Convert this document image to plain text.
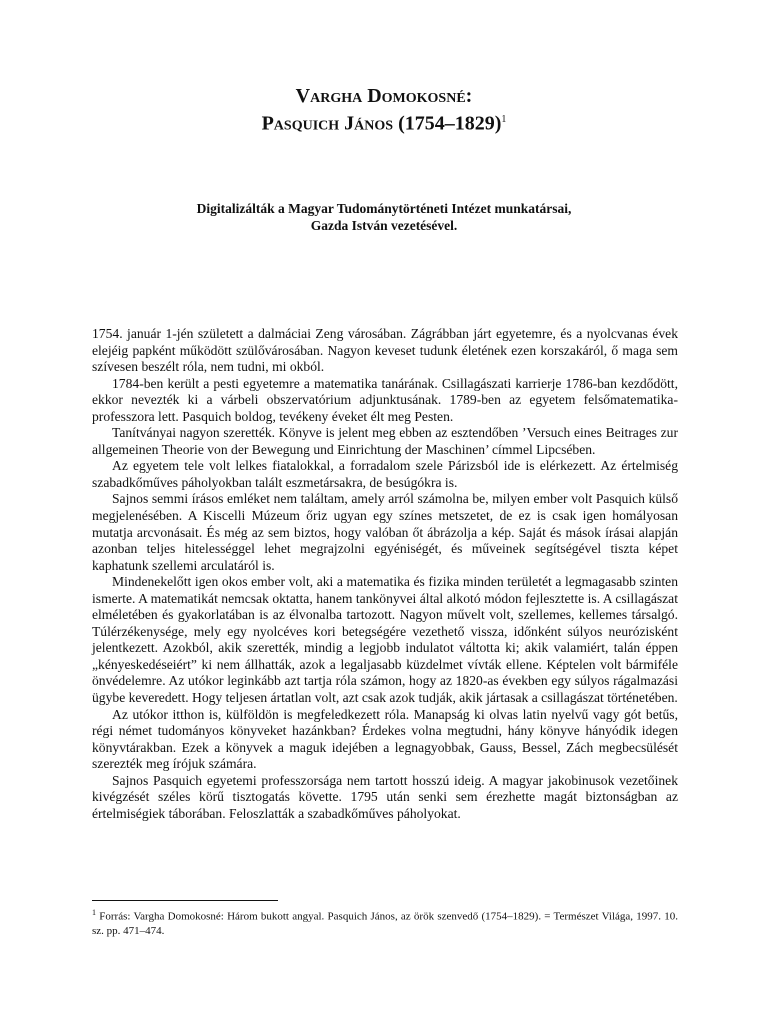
Vargha Domokosné:
Pasquich János (1754–1829)$^1$
Digitalizálták a Magyar Tudománytörténeti Intézet munkatársai,
Gazda István vezetésével.

1754. január 1-jén született a dalmáciai Zeng városában. Zágrábban járt egyetemre, és a nyolcvanas évek elejéig papként működött szülővárosában. Nagyon keveset tudunk életének ezen korszakáról, ő maga sem szívesen beszélt róla, nem tudni, mi okból.

1784-ben került a pesti egyetemre a matematika tanárának. Csillagászati karrierje 1786-ban kezdődött, ekkor nevezték ki a várbeli obszervatórium adjunktusának. 1789-ben az egyetem felsőmatematika-professzora lett. Pasquich boldog, tevékeny éveket élt meg Pesten.

Tanítványai nagyon szerették. Könyve is jelent meg ebben az esztendőben ’Versuch eines Beitrages zur allgemeinen Theorie von der Bewegung und Einrichtung der Maschinen’ címmel Lipcsében.

Az egyetem tele volt lelkes fiatalokkal, a forradalom szele Párizsból ide is elérkezett. Az értelmiség szabadkőműves páholyokban talált eszmetársakra, de besúgókra is.

Sajnos semmi írásos emléket nem találtam, amely arról számolna be, milyen ember volt Pasquich külső megjelenésében. A Kiscelli Múzeum őriz ugyan egy színes metszetet, de ez is csak igen homályosan mutatja arcvonásait. És még az sem biztos, hogy valóban őt ábrázolja a kép. Saját és mások írásai alapján azonban teljes hitelességgel lehet megrajzolni egyéniségét, és műveinek segítségével tiszta képet kaphatunk szellemi arculatáról is.

Mindenekelőtt igen okos ember volt, aki a matematika és fizika minden területét a legmagasabb szinten ismerte. A matematikát nemcsak oktatta, hanem tankönyvei által alkotó módon fejlesztette is. A csillagászat elméletében és gyakorlatában is az élvonalba tartozott. Nagyon művelt volt, szellemes, kellemes társalgó. Túlérzékenysége, mely egy nyolcéves kori betegségére vezethető vissza, időnként súlyos neurózisként jelentkezett. Azokból, akik szerették, mindig a legjobb indulatot váltotta ki; akik valamiért, talán éppen „kényeskedéseiért” ki nem állhatták, azok a legaljasabb küzdelmet vívták ellene. Képtelen volt bármiféle önvédelemre. Az utókor leginkább azt tartja róla számon, hogy az 1820-as években egy súlyos rágalmazási ügybe keveredett. Hogy teljesen ártatlan volt, azt csak azok tudják, akik jártasak a csillagászat történetében.

Az utókor itthon is, külföldön is megfeledkezett róla. Manapság ki olvas latin nyelvű vagy gót betűs, régi német tudományos könyveket hazánkban? Érdekes volna megtudni, hány könyve hányódik idegen könyvtárakban. Ezek a könyvek a maguk idejében a legnagyobbak, Gauss, Bessel, Zách megbecsülését szerezték meg írójuk számára.

Sajnos Pasquich egyetemi professzorsága nem tartott hosszú ideig. A magyar jakobinusok vezetőinek kivégzését széles körű tisztogatás követte. 1795 után senki sem érezhette magát biztonságban az értelmiségiek táborában. Feloszlatták a szabadkőműves páholyokat.

$^1$ Forrás: Vargha Domokosné: Három bukott angyal. Pasquich János, az örök szenvedő (1754–1829). = Természet Világa, 1997. 10. sz. pp. 471–474.
